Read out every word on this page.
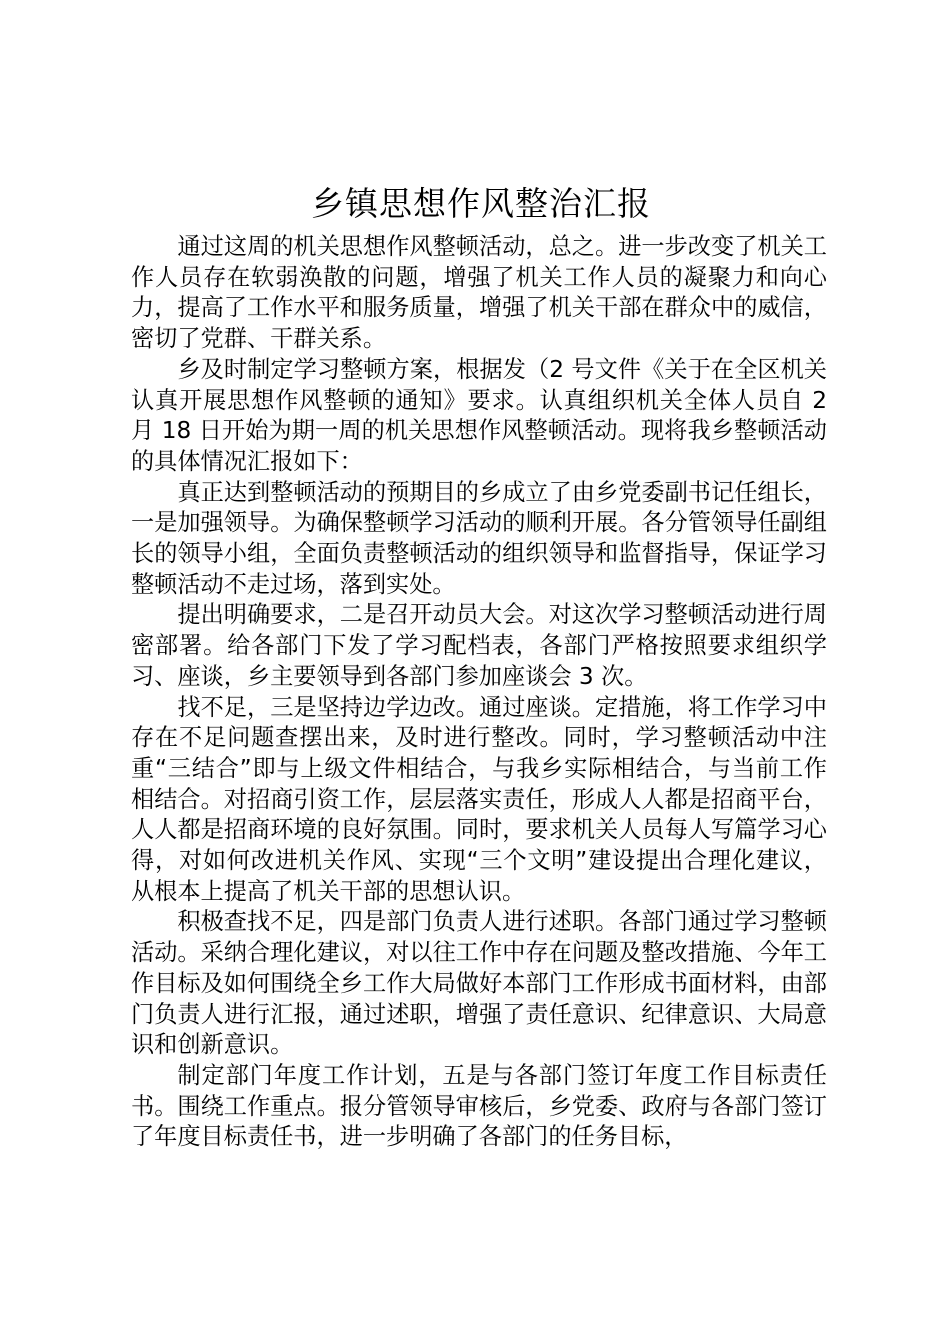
乡镇思想作风整治汇报

通过这周的机关思想作风整顿活动，总之。进一步改变了机关工作人员存在软弱涣散的问题，增强了机关工作人员的凝聚力和向心力，提高了工作水平和服务质量，增强了机关干部在群众中的威信，密切了党群、干群关系。

乡及时制定学习整顿方案，根据发（2 号文件《关于在全区机关认真开展思想作风整顿的通知》要求。认真组织机关全体人员自 2 月 18 日开始为期一周的机关思想作风整顿活动。现将我乡整顿活动的具体情况汇报如下：

真正达到整顿活动的预期目的乡成立了由乡党委副书记任组长，一是加强领导。为确保整顿学习活动的顺利开展。各分管领导任副组长的领导小组，全面负责整顿活动的组织领导和监督指导，保证学习整顿活动不走过场，落到实处。

提出明确要求，二是召开动员大会。对这次学习整顿活动进行周密部署。给各部门下发了学习配档表，各部门严格按照要求组织学习、座谈，乡主要领导到各部门参加座谈会 3 次。

找不足，三是坚持边学边改。通过座谈。定措施，将工作学习中存在不足问题查摆出来，及时进行整改。同时，学习整顿活动中注重“三结合”即与上级文件相结合，与我乡实际相结合，与当前工作相结合。对招商引资工作，层层落实责任，形成人人都是招商平台，人人都是招商环境的良好氛围。同时，要求机关人员每人写篇学习心得，对如何改进机关作风、实现“三个文明”建设提出合理化建议，从根本上提高了机关干部的思想认识。

积极查找不足，四是部门负责人进行述职。各部门通过学习整顿活动。采纳合理化建议，对以往工作中存在问题及整改措施、今年工作目标及如何围绕全乡工作大局做好本部门工作形成书面材料，由部门负责人进行汇报，通过述职，增强了责任意识、纪律意识、大局意识和创新意识。

制定部门年度工作计划，五是与各部门签订年度工作目标责任书。围绕工作重点。报分管领导审核后，乡党委、政府与各部门签订了年度目标责任书，进一步明确了各部门的任务目标，
